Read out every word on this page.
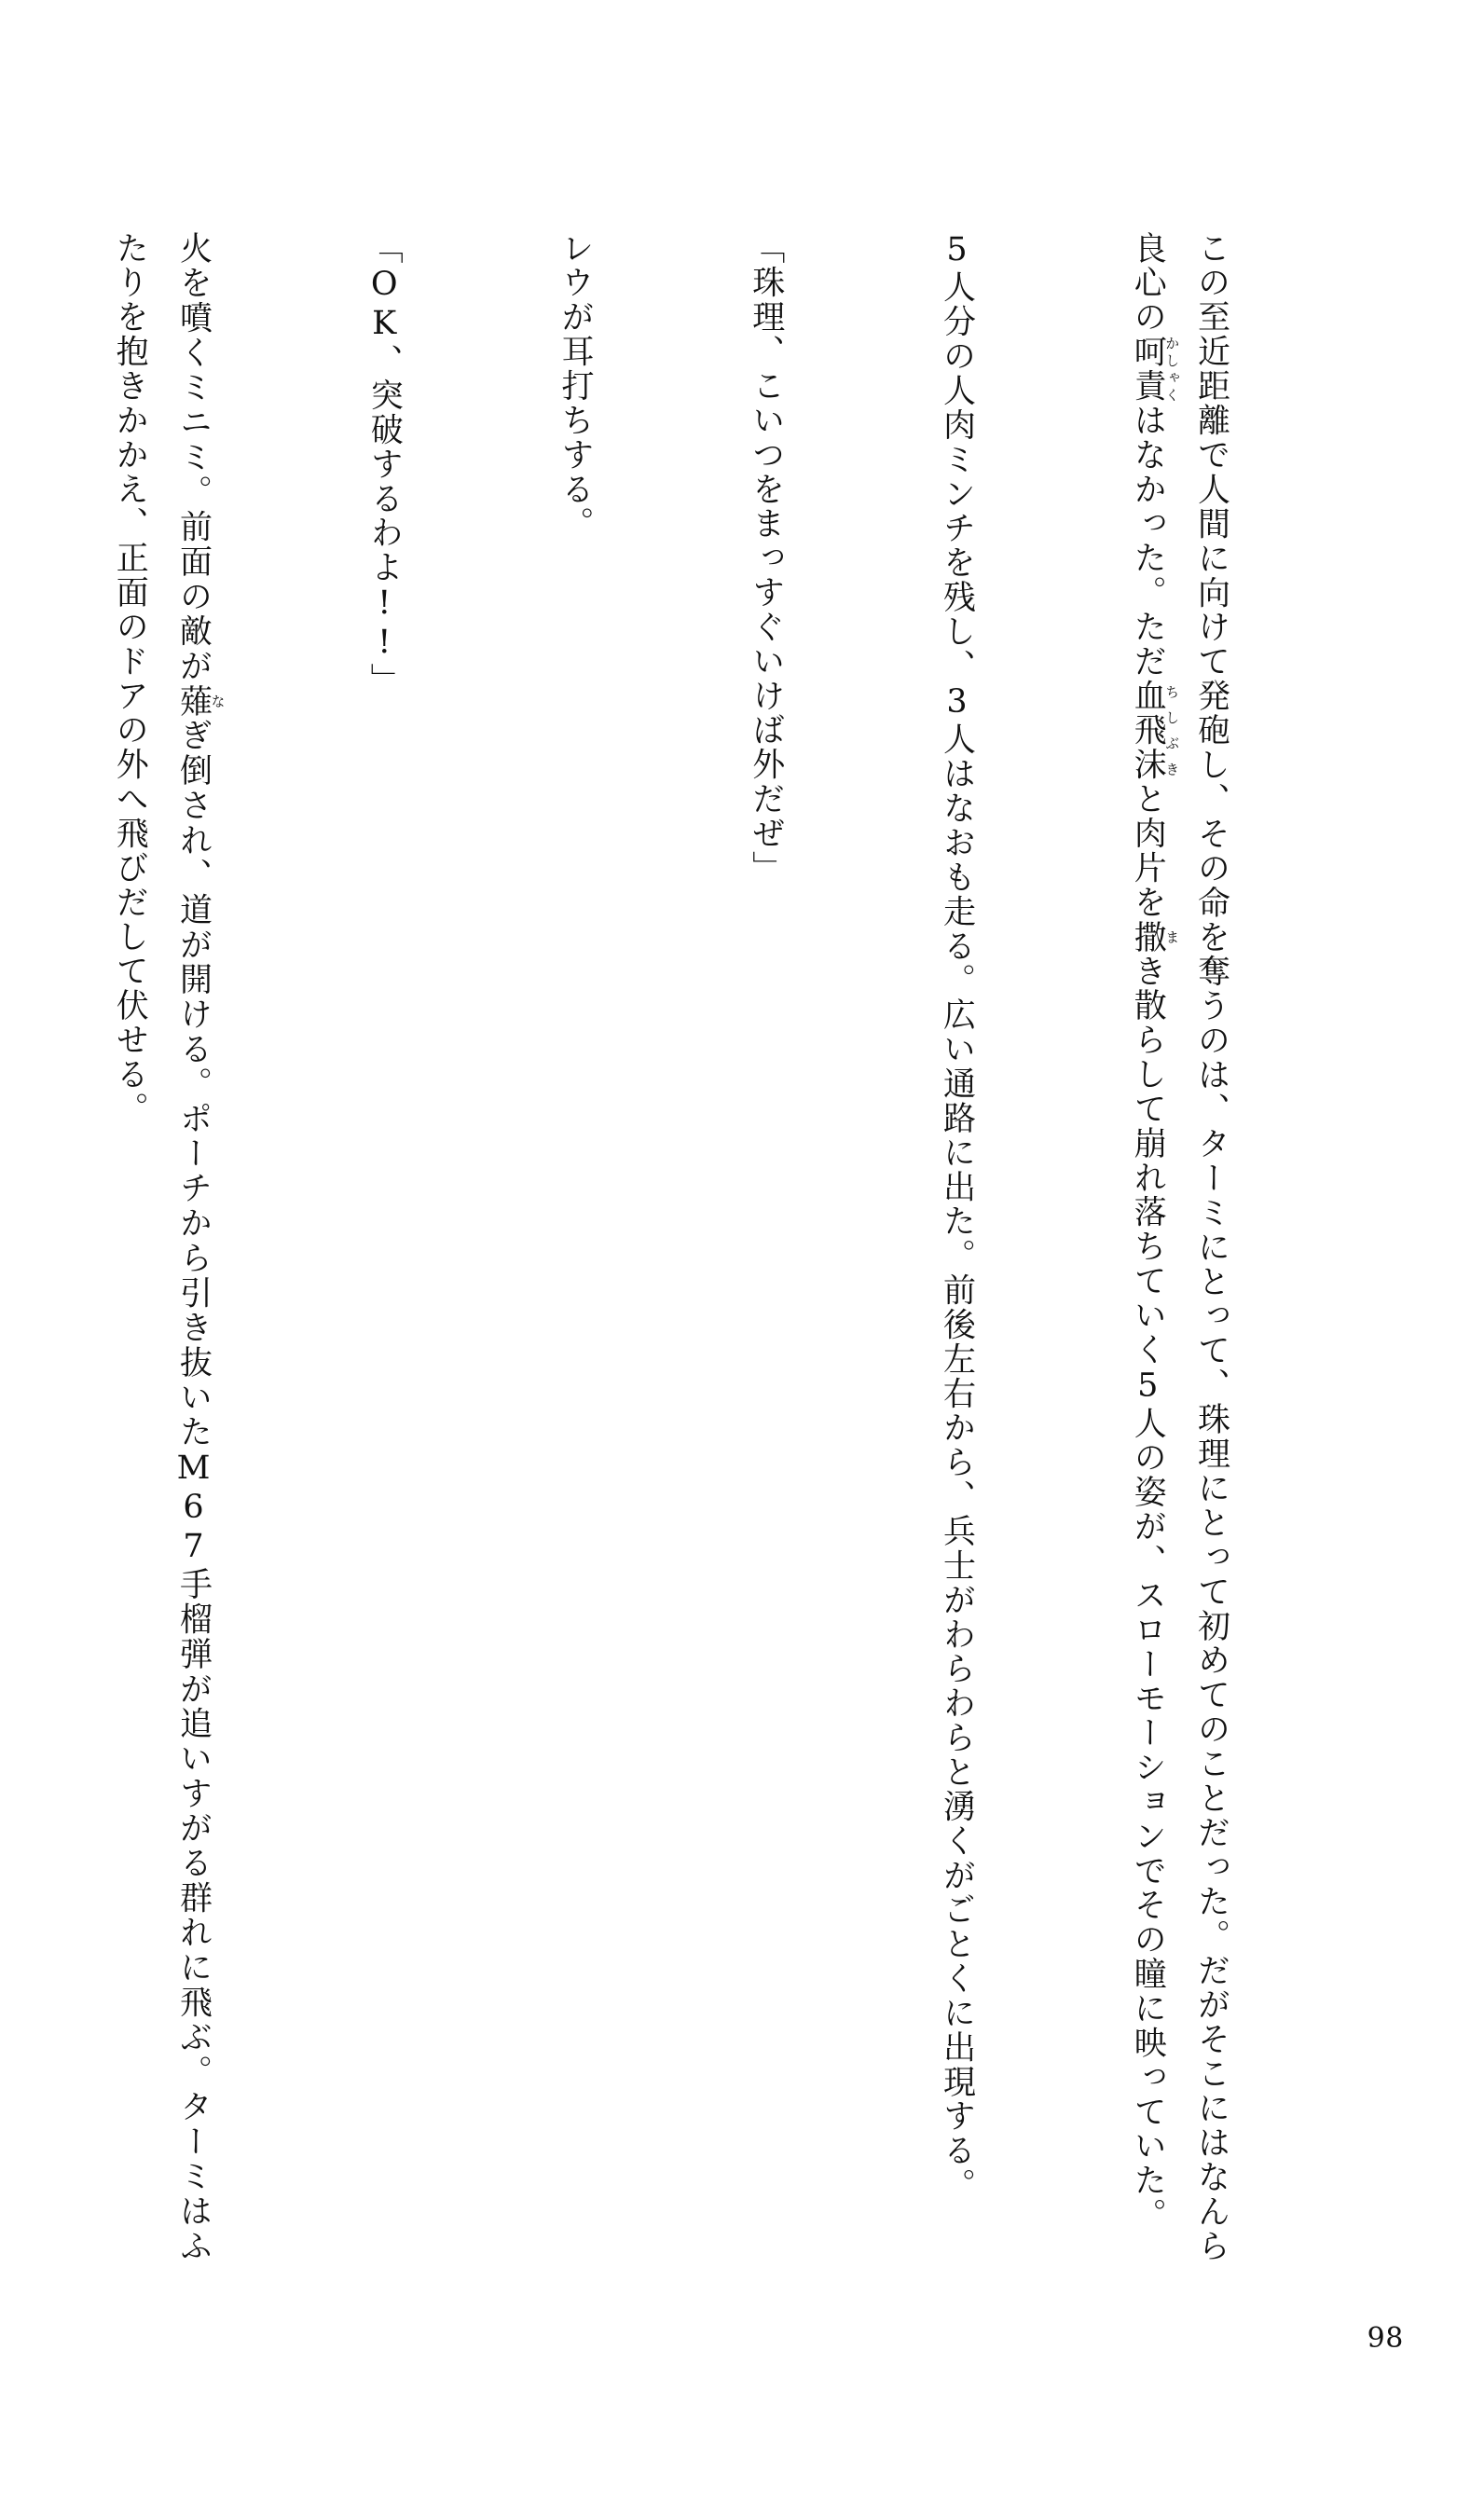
この至近距離で人間に向けて発砲し、その命を奪うのは、ターミにとって、珠理にとって初めてのことだった。だがそこにはなんら良心の呵責かしゃくはなかった。ただ血飛沫ちしぶきと肉片を撒まき散らして崩れ落ちていく5人の姿が、スローモーションでその瞳に映っていた。

5人分の人肉ミンチを残し、3人はなおも走る。広い通路に出た。前後左右から、兵士がわらわらと湧くがごとくに出現する。

「珠理、こいつをまっすぐいけば外だぜ」

レウが耳打ちする。

「OK、突破するわよ!!」

火を噴くミニミ。前面の敵が薙なぎ倒され、道が開ける。ポーチから引き抜いたM67手榴弾が追いすがる群れに飛ぶ。ターミはふたりを抱きかかえ、正面のドアの外へ飛びだして伏せる。

98
